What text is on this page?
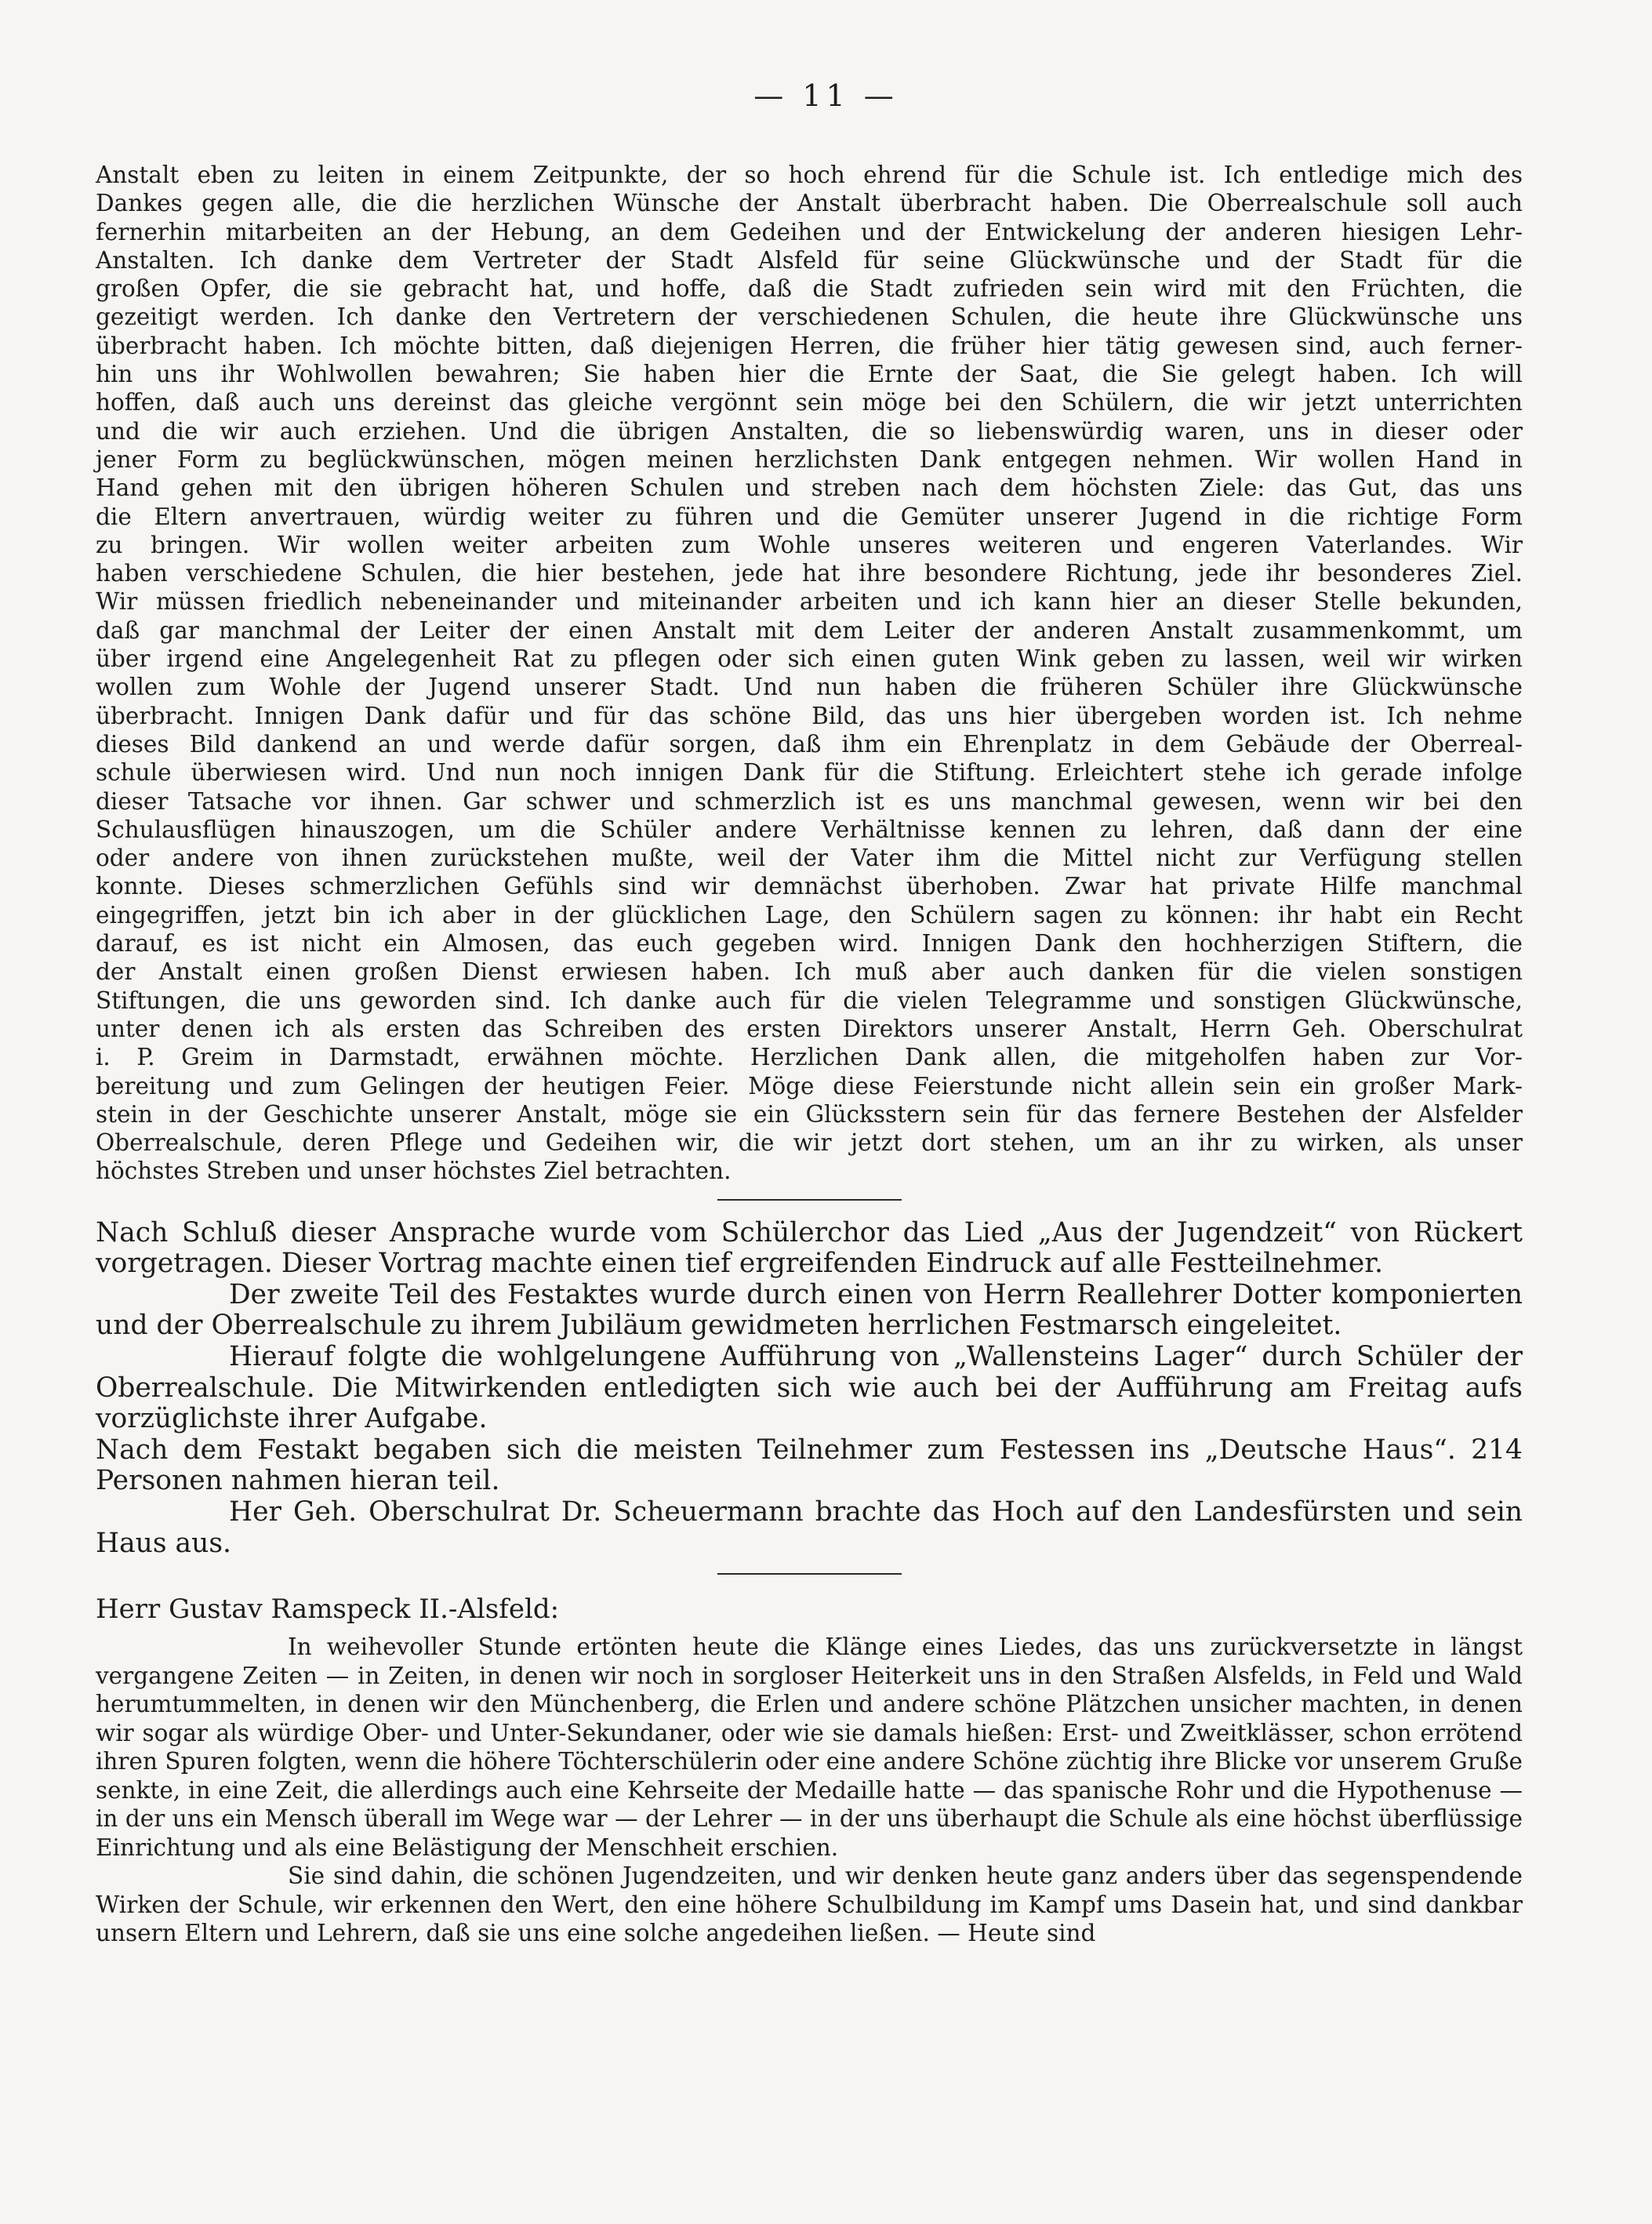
— 11 —

Anstalt eben zu leiten in einem Zeitpunkte, der so hoch ehrend für die Schule ist. Ich entledige mich des

Dankes gegen alle, die die herzlichen Wünsche der Anstalt überbracht haben. Die Oberrealschule soll auch

fernerhin mitarbeiten an der Hebung, an dem Gedeihen und der Entwickelung der anderen hiesigen Lehr-

Anstalten. Ich danke dem Vertreter der Stadt Alsfeld für seine Glückwünsche und der Stadt für die

großen Opfer, die sie gebracht hat, und hoffe, daß die Stadt zufrieden sein wird mit den Früchten, die

gezeitigt werden. Ich danke den Vertretern der verschiedenen Schulen, die heute ihre Glückwünsche uns

überbracht haben. Ich möchte bitten, daß diejenigen Herren, die früher hier tätig gewesen sind, auch ferner-

hin uns ihr Wohlwollen bewahren; Sie haben hier die Ernte der Saat, die Sie gelegt haben. Ich will

hoffen, daß auch uns dereinst das gleiche vergönnt sein möge bei den Schülern, die wir jetzt unterrichten

und die wir auch erziehen. Und die übrigen Anstalten, die so liebenswürdig waren, uns in dieser oder

jener Form zu beglückwünschen, mögen meinen herzlichsten Dank entgegen nehmen. Wir wollen Hand in

Hand gehen mit den übrigen höheren Schulen und streben nach dem höchsten Ziele: das Gut, das uns

die Eltern anvertrauen, würdig weiter zu führen und die Gemüter unserer Jugend in die richtige Form

zu bringen. Wir wollen weiter arbeiten zum Wohle unseres weiteren und engeren Vaterlandes. Wir

haben verschiedene Schulen, die hier bestehen, jede hat ihre besondere Richtung, jede ihr besonderes Ziel.

Wir müssen friedlich nebeneinander und miteinander arbeiten und ich kann hier an dieser Stelle bekunden,

daß gar manchmal der Leiter der einen Anstalt mit dem Leiter der anderen Anstalt zusammenkommt, um

über irgend eine Angelegenheit Rat zu pflegen oder sich einen guten Wink geben zu lassen, weil wir wirken

wollen zum Wohle der Jugend unserer Stadt. Und nun haben die früheren Schüler ihre Glückwünsche

überbracht. Innigen Dank dafür und für das schöne Bild, das uns hier übergeben worden ist. Ich nehme

dieses Bild dankend an und werde dafür sorgen, daß ihm ein Ehrenplatz in dem Gebäude der Oberreal-

schule überwiesen wird. Und nun noch innigen Dank für die Stiftung. Erleichtert stehe ich gerade infolge

dieser Tatsache vor ihnen. Gar schwer und schmerzlich ist es uns manchmal gewesen, wenn wir bei den

Schulausflügen hinauszogen, um die Schüler andere Verhältnisse kennen zu lehren, daß dann der eine

oder andere von ihnen zurückstehen mußte, weil der Vater ihm die Mittel nicht zur Verfügung stellen

konnte. Dieses schmerzlichen Gefühls sind wir demnächst überhoben. Zwar hat private Hilfe manchmal

eingegriffen, jetzt bin ich aber in der glücklichen Lage, den Schülern sagen zu können: ihr habt ein Recht

darauf, es ist nicht ein Almosen, das euch gegeben wird. Innigen Dank den hochherzigen Stiftern, die

der Anstalt einen großen Dienst erwiesen haben. Ich muß aber auch danken für die vielen sonstigen

Stiftungen, die uns geworden sind. Ich danke auch für die vielen Telegramme und sonstigen Glückwünsche,

unter denen ich als ersten das Schreiben des ersten Direktors unserer Anstalt, Herrn Geh. Oberschulrat

i. P. Greim in Darmstadt, erwähnen möchte. Herzlichen Dank allen, die mitgeholfen haben zur Vor-

bereitung und zum Gelingen der heutigen Feier. Möge diese Feierstunde nicht allein sein ein großer Mark-

stein in der Geschichte unserer Anstalt, möge sie ein Glücksstern sein für das fernere Bestehen der Alsfelder

Oberrealschule, deren Pflege und Gedeihen wir, die wir jetzt dort stehen, um an ihr zu wirken, als unser

höchstes Streben und unser höchstes Ziel betrachten.

Nach Schluß dieser Ansprache wurde vom Schülerchor das Lied „Aus der Jugendzeit“ von Rückert vorgetragen. Dieser Vortrag machte einen tief ergreifenden Eindruck auf alle Festteilnehmer.

Der zweite Teil des Festaktes wurde durch einen von Herrn Reallehrer Dotter komponierten und der Oberrealschule zu ihrem Jubiläum gewidmeten herrlichen Festmarsch eingeleitet.

Hierauf folgte die wohlgelungene Aufführung von „Wallensteins Lager“ durch Schüler der Oberrealschule. Die Mitwirkenden entledigten sich wie auch bei der Aufführung am Freitag aufs vorzüglichste ihrer Aufgabe.

Nach dem Festakt begaben sich die meisten Teilnehmer zum Festessen ins „Deutsche Haus“. 214 Personen nahmen hieran teil.

Her Geh. Oberschulrat Dr. Scheuermann brachte das Hoch auf den Landesfürsten und sein Haus aus.

Herr Gustav Ramspeck II.-Alsfeld:

In weihevoller Stunde ertönten heute die Klänge eines Liedes, das uns zurückversetzte in längst vergangene Zeiten — in Zeiten, in denen wir noch in sorgloser Heiterkeit uns in den Straßen Alsfelds, in Feld und Wald herumtummelten, in denen wir den Münchenberg, die Erlen und andere schöne Plätzchen unsicher machten, in denen wir sogar als würdige Ober- und Unter-Sekundaner, oder wie sie damals hießen: Erst- und Zweitklässer, schon errötend ihren Spuren folgten, wenn die höhere Töchterschülerin oder eine andere Schöne züchtig ihre Blicke vor unserem Gruße senkte, in eine Zeit, die allerdings auch eine Kehrseite der Medaille hatte — das spanische Rohr und die Hypothenuse — in der uns ein Mensch überall im Wege war — der Lehrer — in der uns überhaupt die Schule als eine höchst überflüssige Einrichtung und als eine Belästigung der Menschheit erschien.

Sie sind dahin, die schönen Jugendzeiten, und wir denken heute ganz anders über das segenspendende Wirken der Schule, wir erkennen den Wert, den eine höhere Schulbildung im Kampf ums Dasein hat, und sind dankbar unsern Eltern und Lehrern, daß sie uns eine solche angedeihen ließen. — Heute sind
